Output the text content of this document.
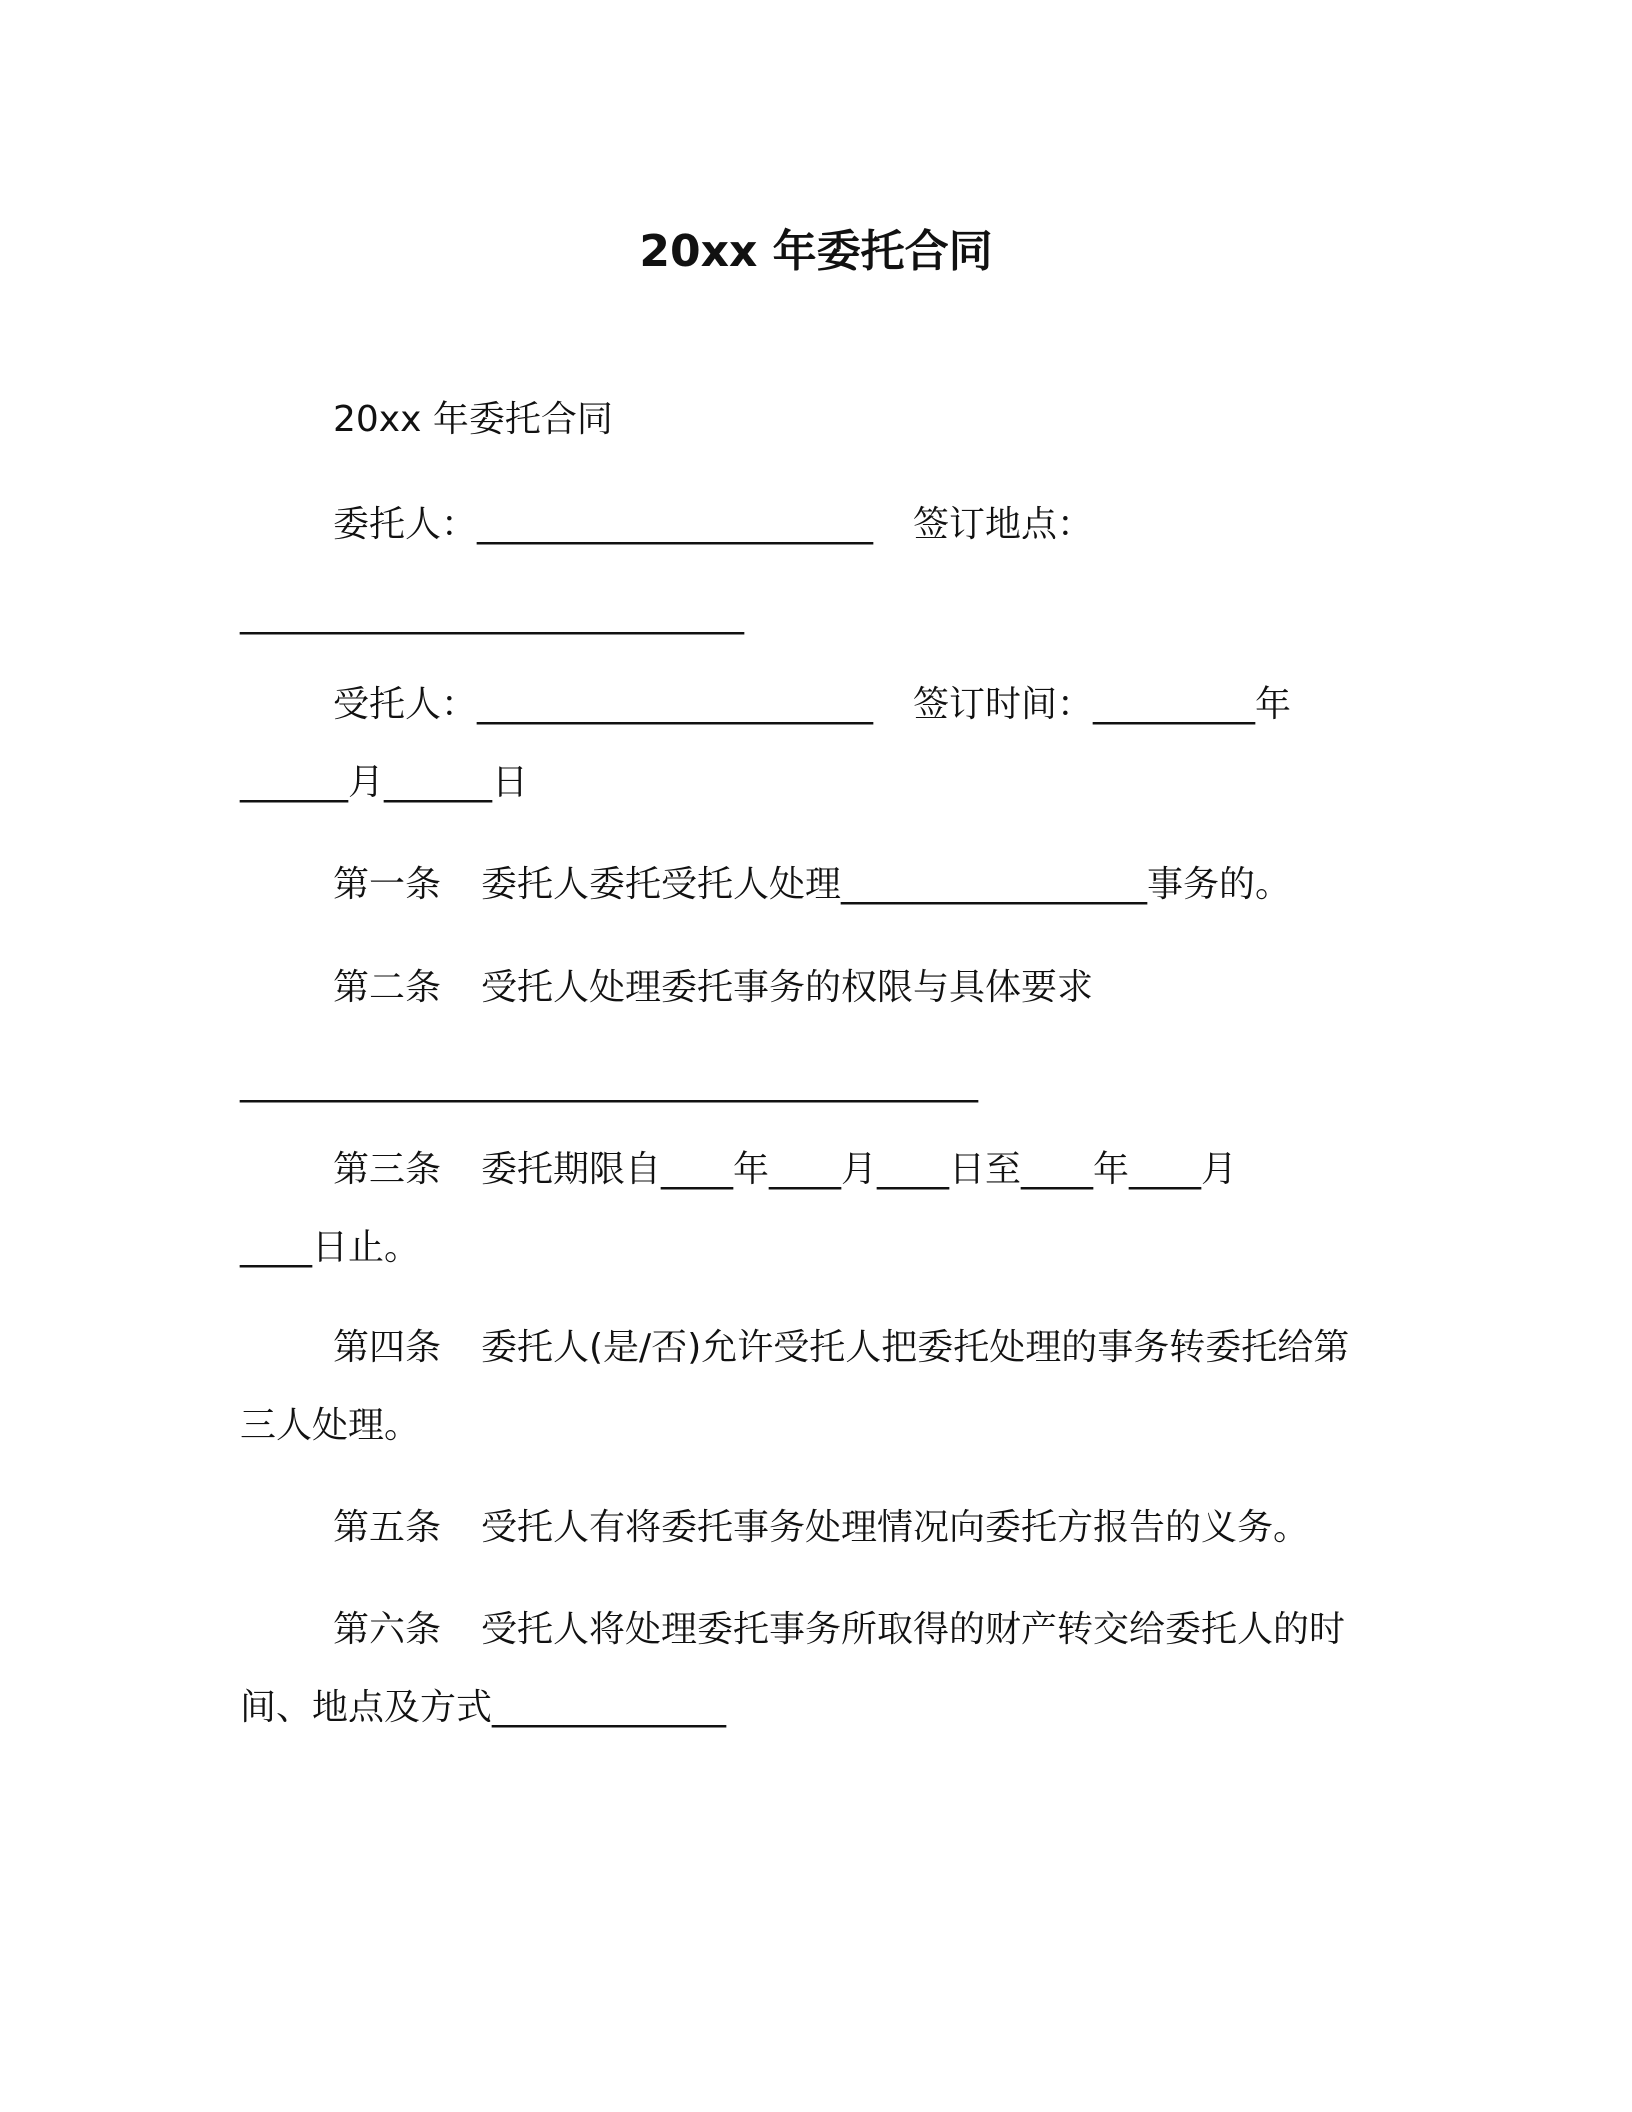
20xx 年委托合同
20xx 年委托合同
委托人：______________________ 签订地点：
____________________________
受托人：______________________ 签订时间：_________年
______月______日
第一条 委托人委托受托人处理_________________事务的。
第二条 受托人处理委托事务的权限与具体要求
_________________________________________
第三条 委托期限自____年____月____日至____年____月
____日止。
第四条 委托人(是/否)允许受托人把委托处理的事务转委托给第
三人处理。
第五条 受托人有将委托事务处理情况向委托方报告的义务。
第六条 受托人将处理委托事务所取得的财产转交给委托人的时
间、地点及方式_____________
